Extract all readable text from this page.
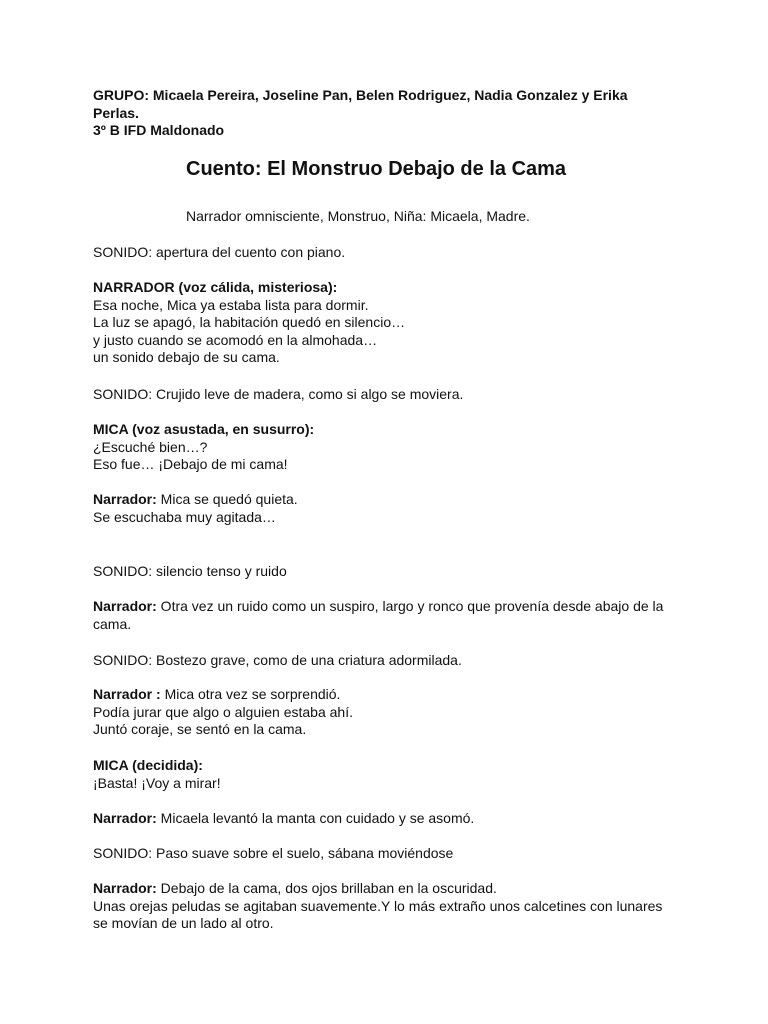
GRUPO: Micaela Pereira, Joseline Pan, Belen Rodriguez, Nadia Gonzalez y Erika
Perlas.
3º B IFD Maldonado
Cuento: El Monstruo Debajo de la Cama
Narrador omnisciente, Monstruo, Niña: Micaela, Madre.
SONIDO: apertura del cuento con piano.
NARRADOR (voz cálida, misteriosa):
Esa noche, Mica ya estaba lista para dormir.
La luz se apagó, la habitación quedó en silencio…
y justo cuando se acomodó en la almohada…
un sonido debajo de su cama.
SONIDO: Crujido leve de madera, como si algo se moviera.
MICA (voz asustada, en susurro):
¿Escuché bien…?
Eso fue… ¡Debajo de mi cama!
Narrador: Mica se quedó quieta.
Se escuchaba muy agitada…
SONIDO: silencio tenso y ruido
Narrador: Otra vez un ruido como un suspiro, largo y ronco que provenía desde abajo de la
cama.
SONIDO: Bostezo grave, como de una criatura adormilada.
Narrador : Mica otra vez se sorprendió.
Podía jurar que algo o alguien estaba ahí.
Juntó coraje, se sentó en la cama.
MICA (decidida):
¡Basta! ¡Voy a mirar!
Narrador: Micaela levantó la manta con cuidado y se asomó.
SONIDO: Paso suave sobre el suelo, sábana moviéndose
Narrador: Debajo de la cama, dos ojos brillaban en la oscuridad.
Unas orejas peludas se agitaban suavemente.Y lo más extraño unos calcetines con lunares
se movían de un lado al otro.
